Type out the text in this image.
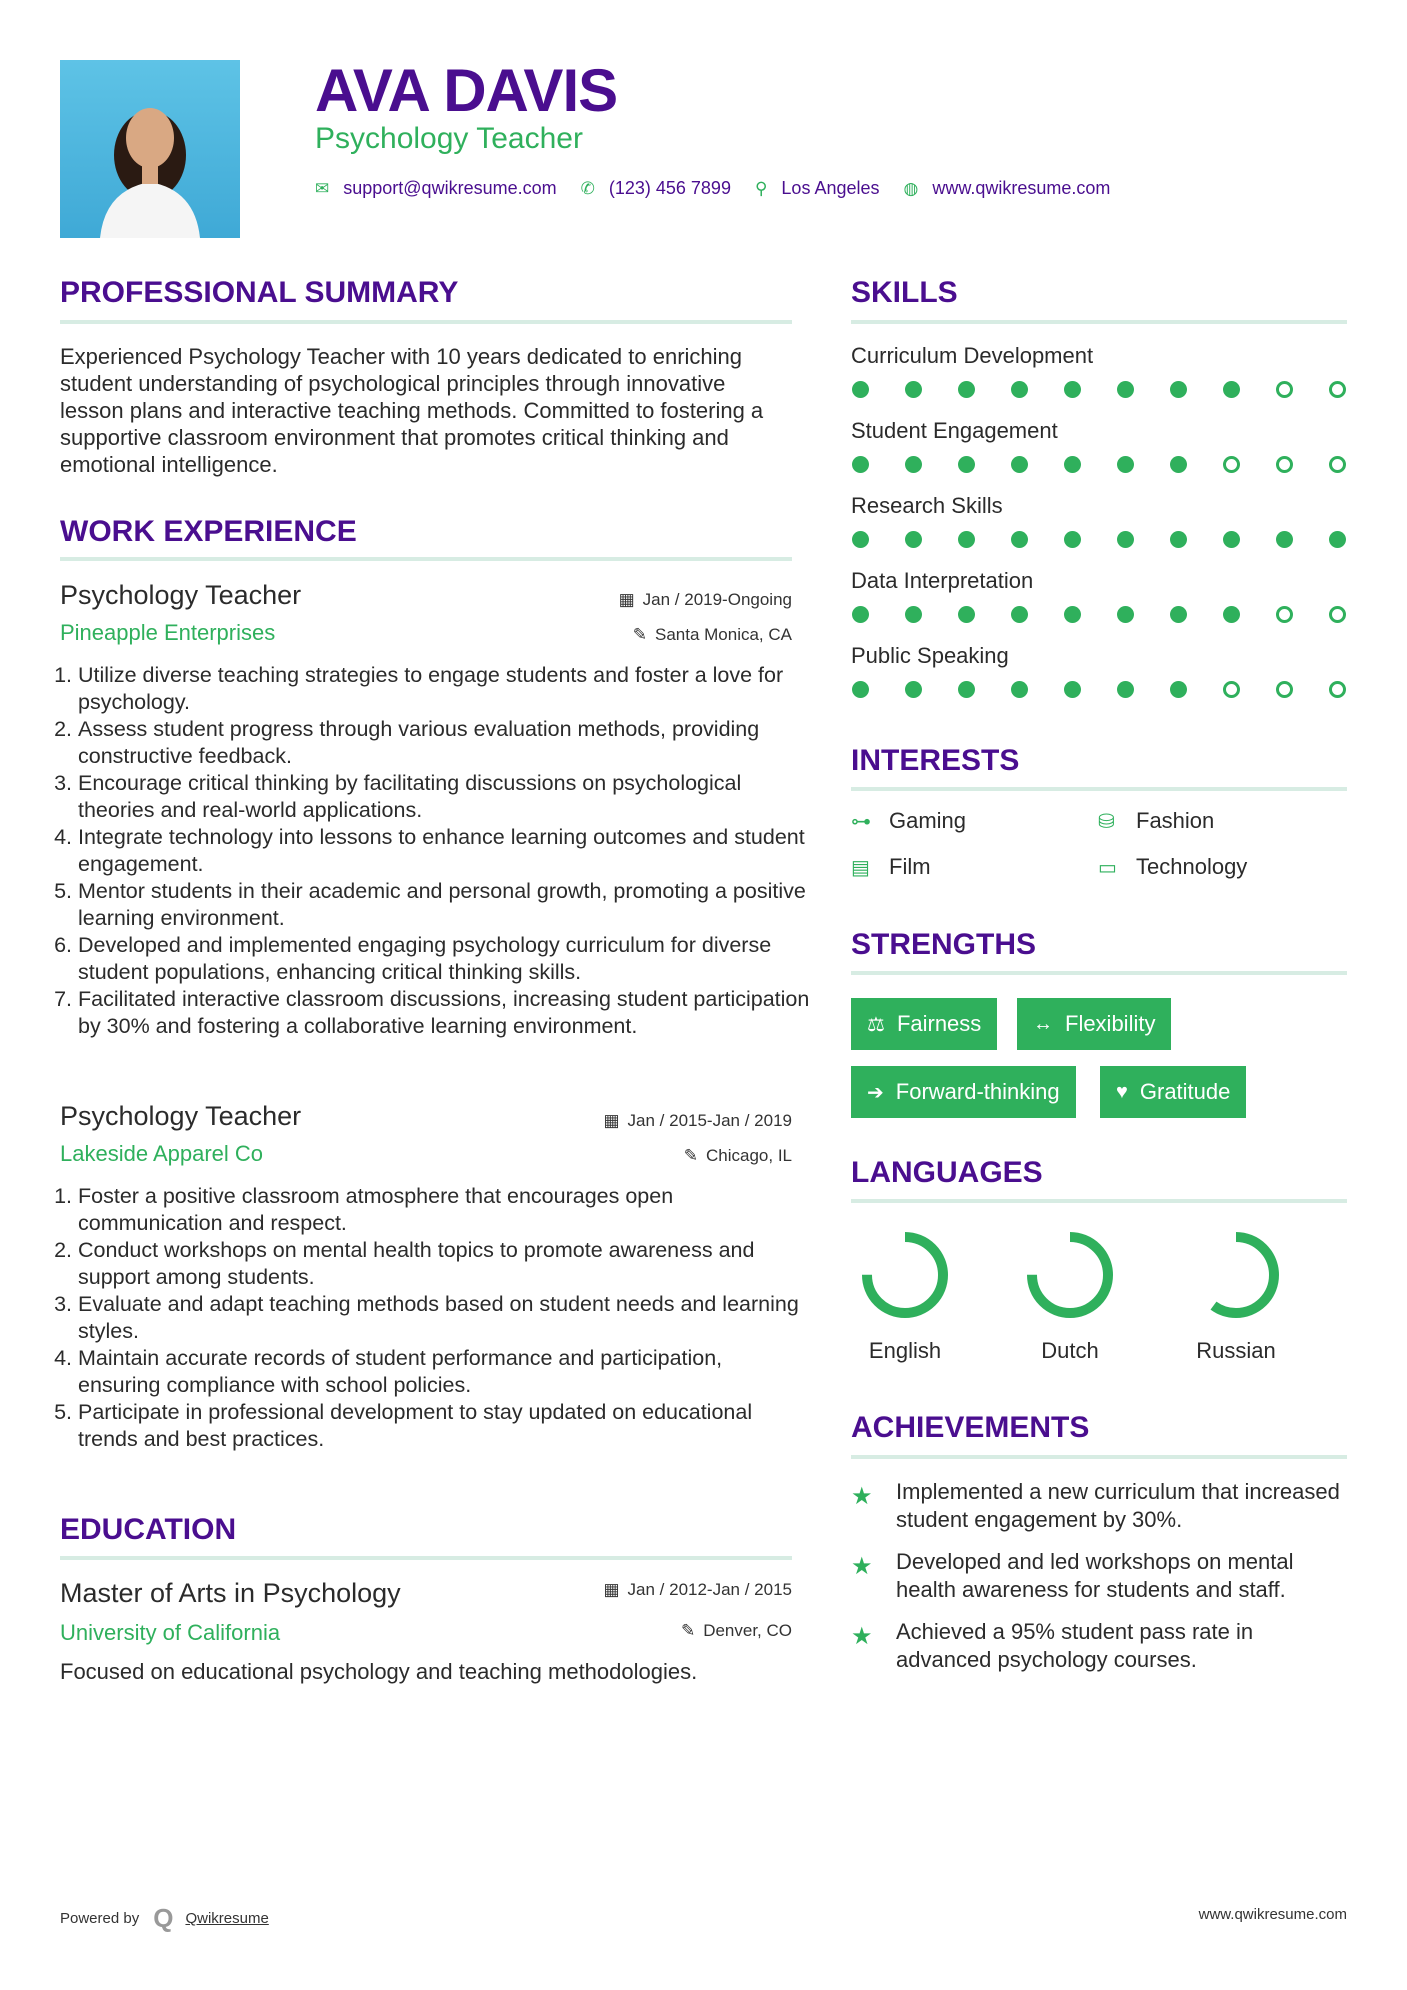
AVA DAVIS
Psychology Teacher
✉ support@qwikresume.com ✆ (123) 456 7899 ⚲ Los Angeles ◍ www.qwikresume.com
PROFESSIONAL SUMMARY
Experienced Psychology Teacher with 10 years dedicated to enriching student understanding of psychological principles through innovative lesson plans and interactive teaching methods. Committed to fostering a supportive classroom environment that promotes critical thinking and emotional intelligence.
WORK EXPERIENCE
Psychology Teacher
Pineapple Enterprises
▦ Jan / 2019-Ongoing
✎ Santa Monica, CA
1. Utilize diverse teaching strategies to engage students and foster a love for psychology.
2. Assess student progress through various evaluation methods, providing constructive feedback.
3. Encourage critical thinking by facilitating discussions on psychological theories and real-world applications.
4. Integrate technology into lessons to enhance learning outcomes and student engagement.
5. Mentor students in their academic and personal growth, promoting a positive learning environment.
6. Developed and implemented engaging psychology curriculum for diverse student populations, enhancing critical thinking skills.
7. Facilitated interactive classroom discussions, increasing student participation by 30% and fostering a collaborative learning environment.
Psychology Teacher
Lakeside Apparel Co
▦ Jan / 2015-Jan / 2019
✎ Chicago, IL
1. Foster a positive classroom atmosphere that encourages open communication and respect.
2. Conduct workshops on mental health topics to promote awareness and support among students.
3. Evaluate and adapt teaching methods based on student needs and learning styles.
4. Maintain accurate records of student performance and participation, ensuring compliance with school policies.
5. Participate in professional development to stay updated on educational trends and best practices.
EDUCATION
Master of Arts in Psychology
University of California
▦ Jan / 2012-Jan / 2015
✎ Denver, CO
Focused on educational psychology and teaching methodologies.
SKILLS
Curriculum Development
Student Engagement
Research Skills
Data Interpretation
Public Speaking
INTERESTS
⊶ Gaming	⛁ Fashion
▤ Film	▭ Technology
STRENGTHS
⚖ Fairness	↔ Flexibility
➔ Forward-thinking	♥ Gratitude
LANGUAGES
English	Dutch	Russian
ACHIEVEMENTS
★ Implemented a new curriculum that increased student engagement by 30%.
★ Developed and led workshops on mental health awareness for students and staff.
★ Achieved a 95% student pass rate in advanced psychology courses.
Powered by Q Qwikresume	www.qwikresume.com
